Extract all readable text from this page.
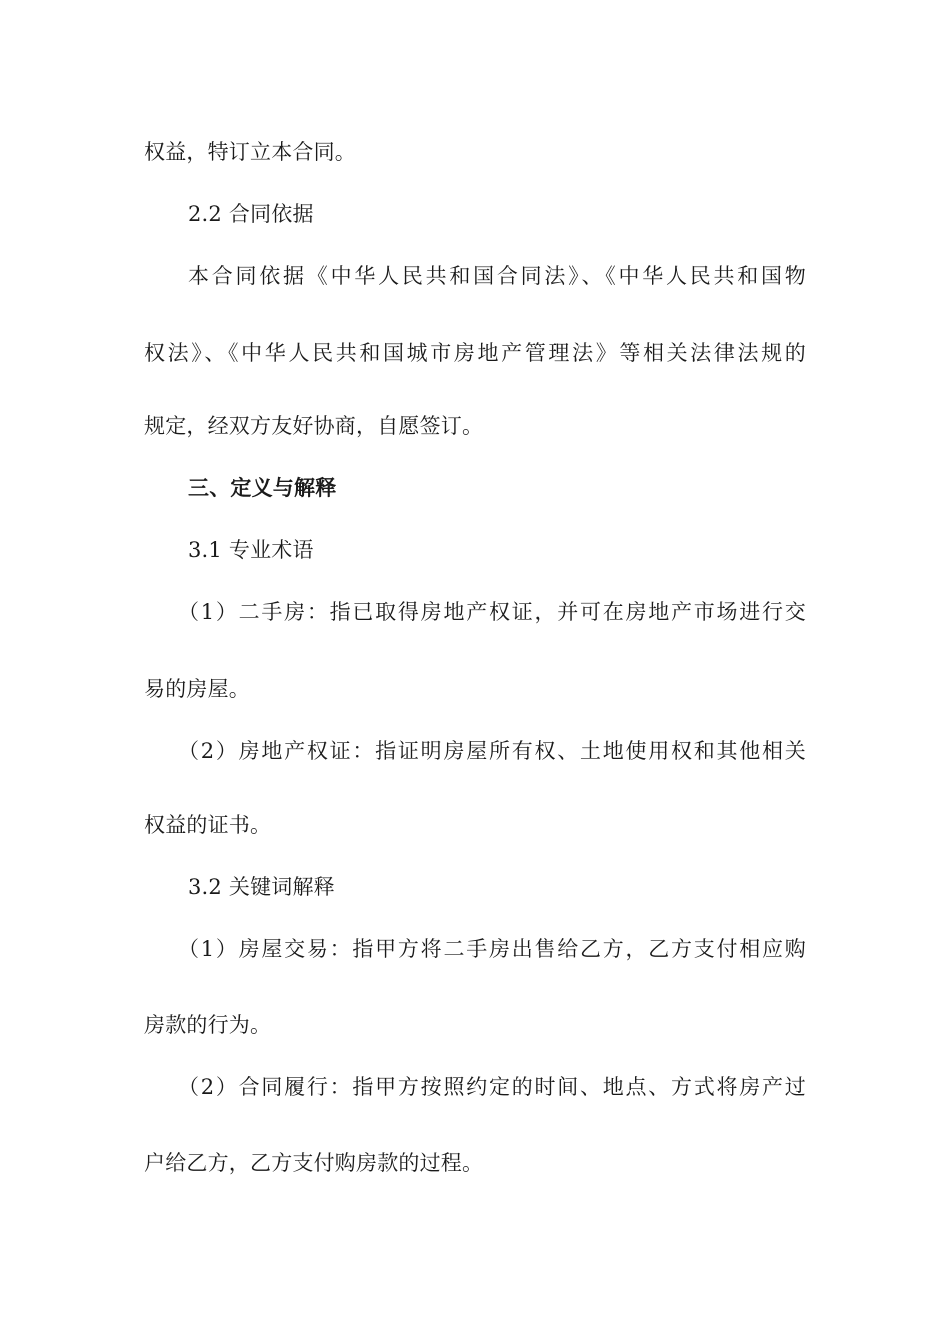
权益，特订立本合同。
2.2 合同依据
本合同依据《中华人民共和国合同法》、《中华人民共和国物
权法》、《中华人民共和国城市房地产管理法》等相关法律法规的
规定，经双方友好协商，自愿签订。
三、定义与解释
3.1 专业术语
（1）二手房：指已取得房地产权证，并可在房地产市场进行交
易的房屋。
（2）房地产权证：指证明房屋所有权、土地使用权和其他相关
权益的证书。
3.2 关键词解释
（1）房屋交易：指甲方将二手房出售给乙方，乙方支付相应购
房款的行为。
（2）合同履行：指甲方按照约定的时间、地点、方式将房产过
户给乙方，乙方支付购房款的过程。
